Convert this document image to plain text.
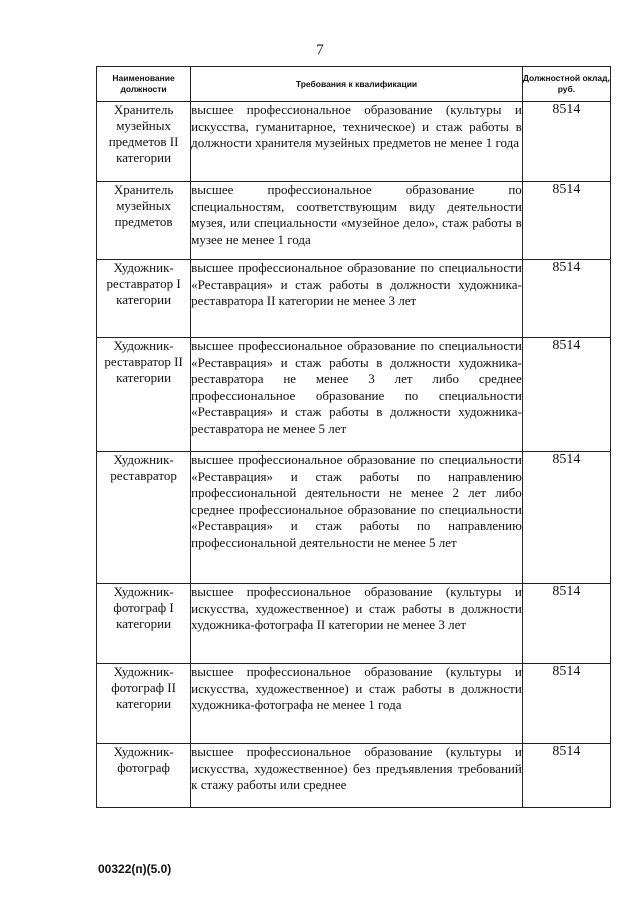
7
Наименование должности	Требования к квалификации	Должностной оклад, руб.
Хранитель музейных предметов II категории	высшее профессиональное образование (культуры и искусства, гуманитарное, техническое) и стаж работы в должности хранителя музейных предметов не менее 1 года	8514
Хранитель музейных предметов	высшее профессиональное образование по специальностям, соответствующим виду деятельности музея, или специальности «музейное дело», стаж работы в музее не менее 1 года	8514
Художник-реставратор I категории	высшее профессиональное образование по специальности «Реставрация» и стаж работы в должности художника-реставратора II категории не менее 3 лет	8514
Художник-реставратор II категории	высшее профессиональное образование по специальности «Реставрация» и стаж работы в должности художника-реставратора не менее 3 лет либо среднее профессиональное образование по специальности «Реставрация» и стаж работы в должности художника-реставратора не менее 5 лет	8514
Художник-реставратор	высшее профессиональное образование по специальности «Реставрация» и стаж работы по направлению профессиональной деятельности не менее 2 лет либо среднее профессиональное образование по специальности «Реставрация» и стаж работы по направлению профессиональной деятельности не менее 5 лет	8514
Художник-фотограф I категории	высшее профессиональное образование (культуры и искусства, художественное) и стаж работы в должности художника-фотографа II категории не менее 3 лет	8514
Художник-фотограф II категории	высшее профессиональное образование (культуры и искусства, художественное) и стаж работы в должности художника-фотографа не менее 1 года	8514
Художник-фотограф	высшее профессиональное образование (культуры и искусства, художественное) без предъявления требований к стажу работы или среднее	8514
00322(п)(5.0)
